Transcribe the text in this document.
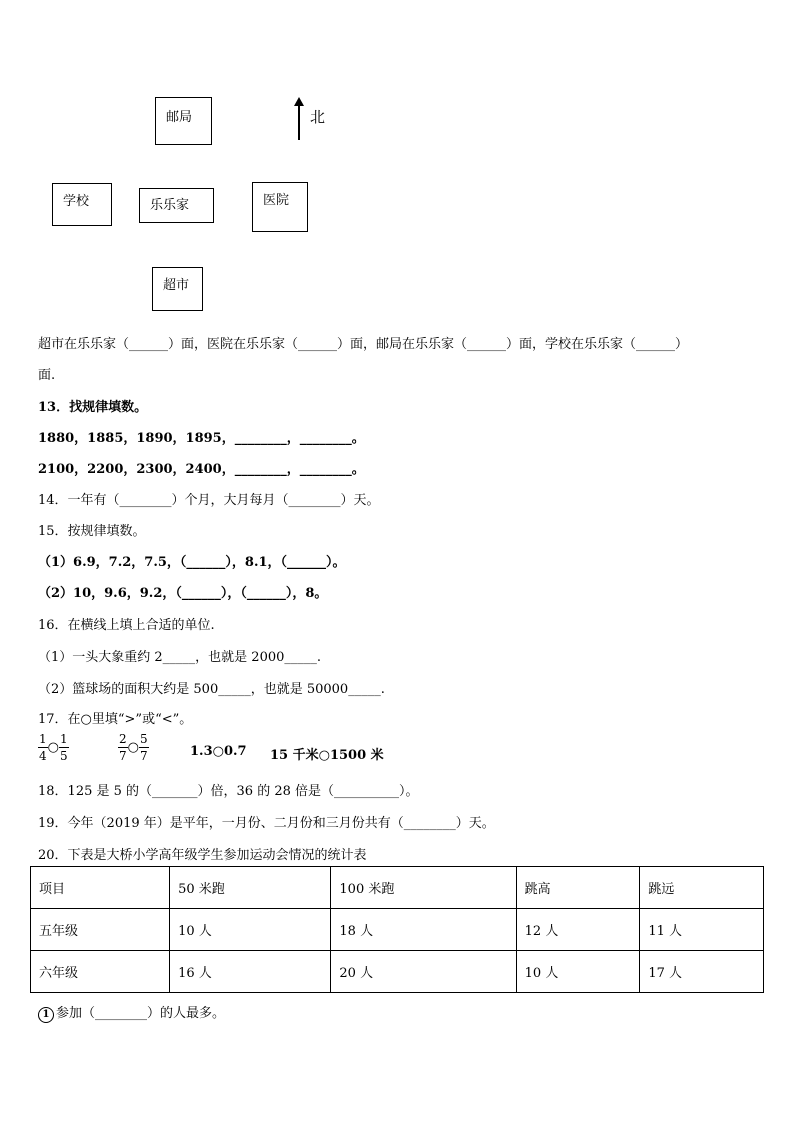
邮局	北
学校	乐乐家	医院
超市
超市在乐乐家（______）面，医院在乐乐家（______）面，邮局在乐乐家（______）面，学校在乐乐家（______）
面.
13．找规律填数。
1880，1885，1890，1895，________，________。
2100，2200，2300，2400，________，________。
14．一年有（________）个月，大月每月（________）天。
15．按规律填数。
（1）6.9，7.2，7.5，（______），8.1，（______）。
（2）10，9.6，9.2，（______），（______），8。
16．在横线上填上合适的单位.
（1）一头大象重约 2_____，也就是 2000_____.
（2）篮球场的面积大约是 500_____，也就是 50000_____.
17．在○里填“>”或“<”。
$\frac{1}{4}$ ○ $\frac{1}{5}$	$\frac{2}{7}$ ○ $\frac{5}{7}$	1.3○0.7 15 千米○1500 米
18．125 是 5 的（_______）倍，36 的 28 倍是（__________）。
19．今年（2019 年）是平年，一月份、二月份和三月份共有（________）天。
20．下表是大桥小学高年级学生参加运动会情况的统计表
项目	50 米跑	100 米跑	跳高	跳远
五年级	10 人	18 人	12 人	11 人
六年级	16 人	20 人	10 人	17 人
1 参加（________）的人最多。
